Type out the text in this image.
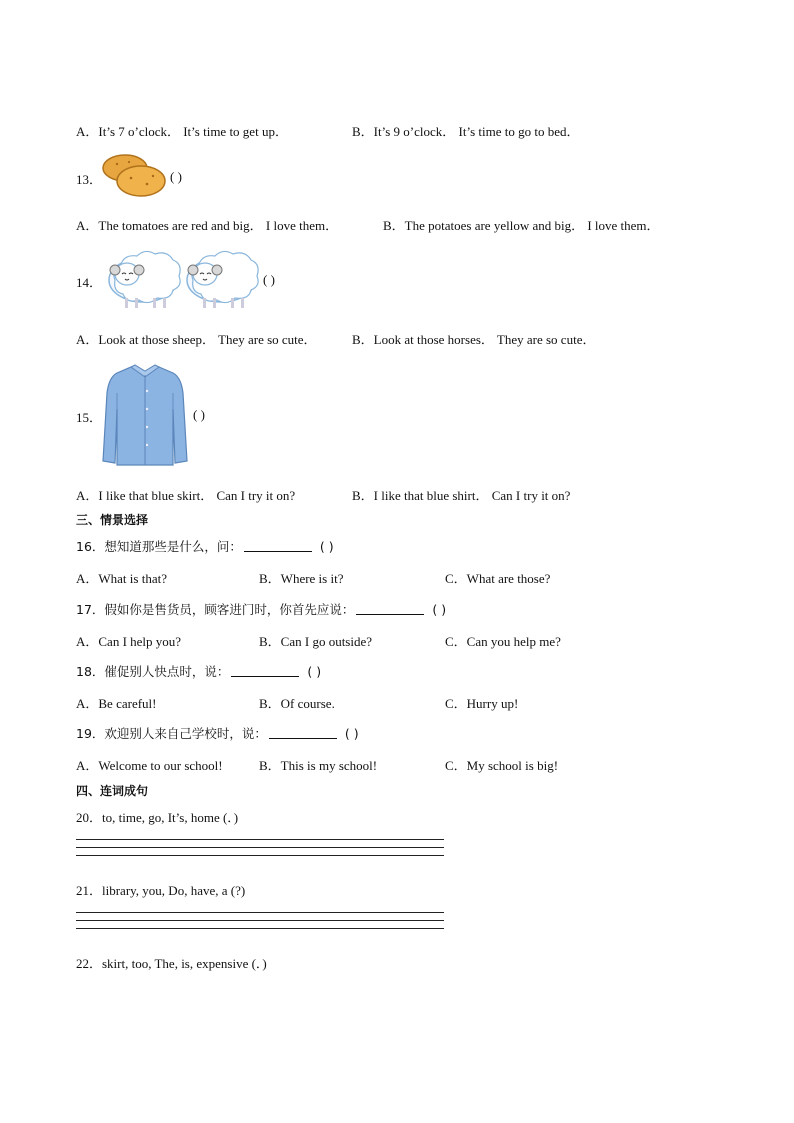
A．It’s 7 o’clock． It’s time to get up．	B．It’s 9 o’clock． It’s time to go to bed．
13．	( )
A．The tomatoes are red and big． I love them．	B．The potatoes are yellow and big． I love them．
14．	( )
A．Look at those sheep． They are so cute．	B．Look at those horses． They are so cute．
15．	( )
A．I like that blue skirt． Can I try it on?	B．I like that blue shirt． Can I try it on?
三、情景选择
16．想知道那些是什么，问：	( )
A．What is that?	B．Where is it?	C．What are those?
17．假如你是售货员，顾客进门时，你首先应说：	( )
A．Can I help you?	B．Can I go outside?	C．Can you help me?
18．催促别人快点时，说：	( )
A．Be careful!	B．Of course.	C．Hurry up!
19．欢迎别人来自己学校时，说：	( )
A．Welcome to our school!	B．This is my school!	C．My school is big!
四、连词成句
20．to, time, go, It’s, home (．)
21．library, you, Do, have, a (?)
22．skirt, too, The, is, expensive (．)
